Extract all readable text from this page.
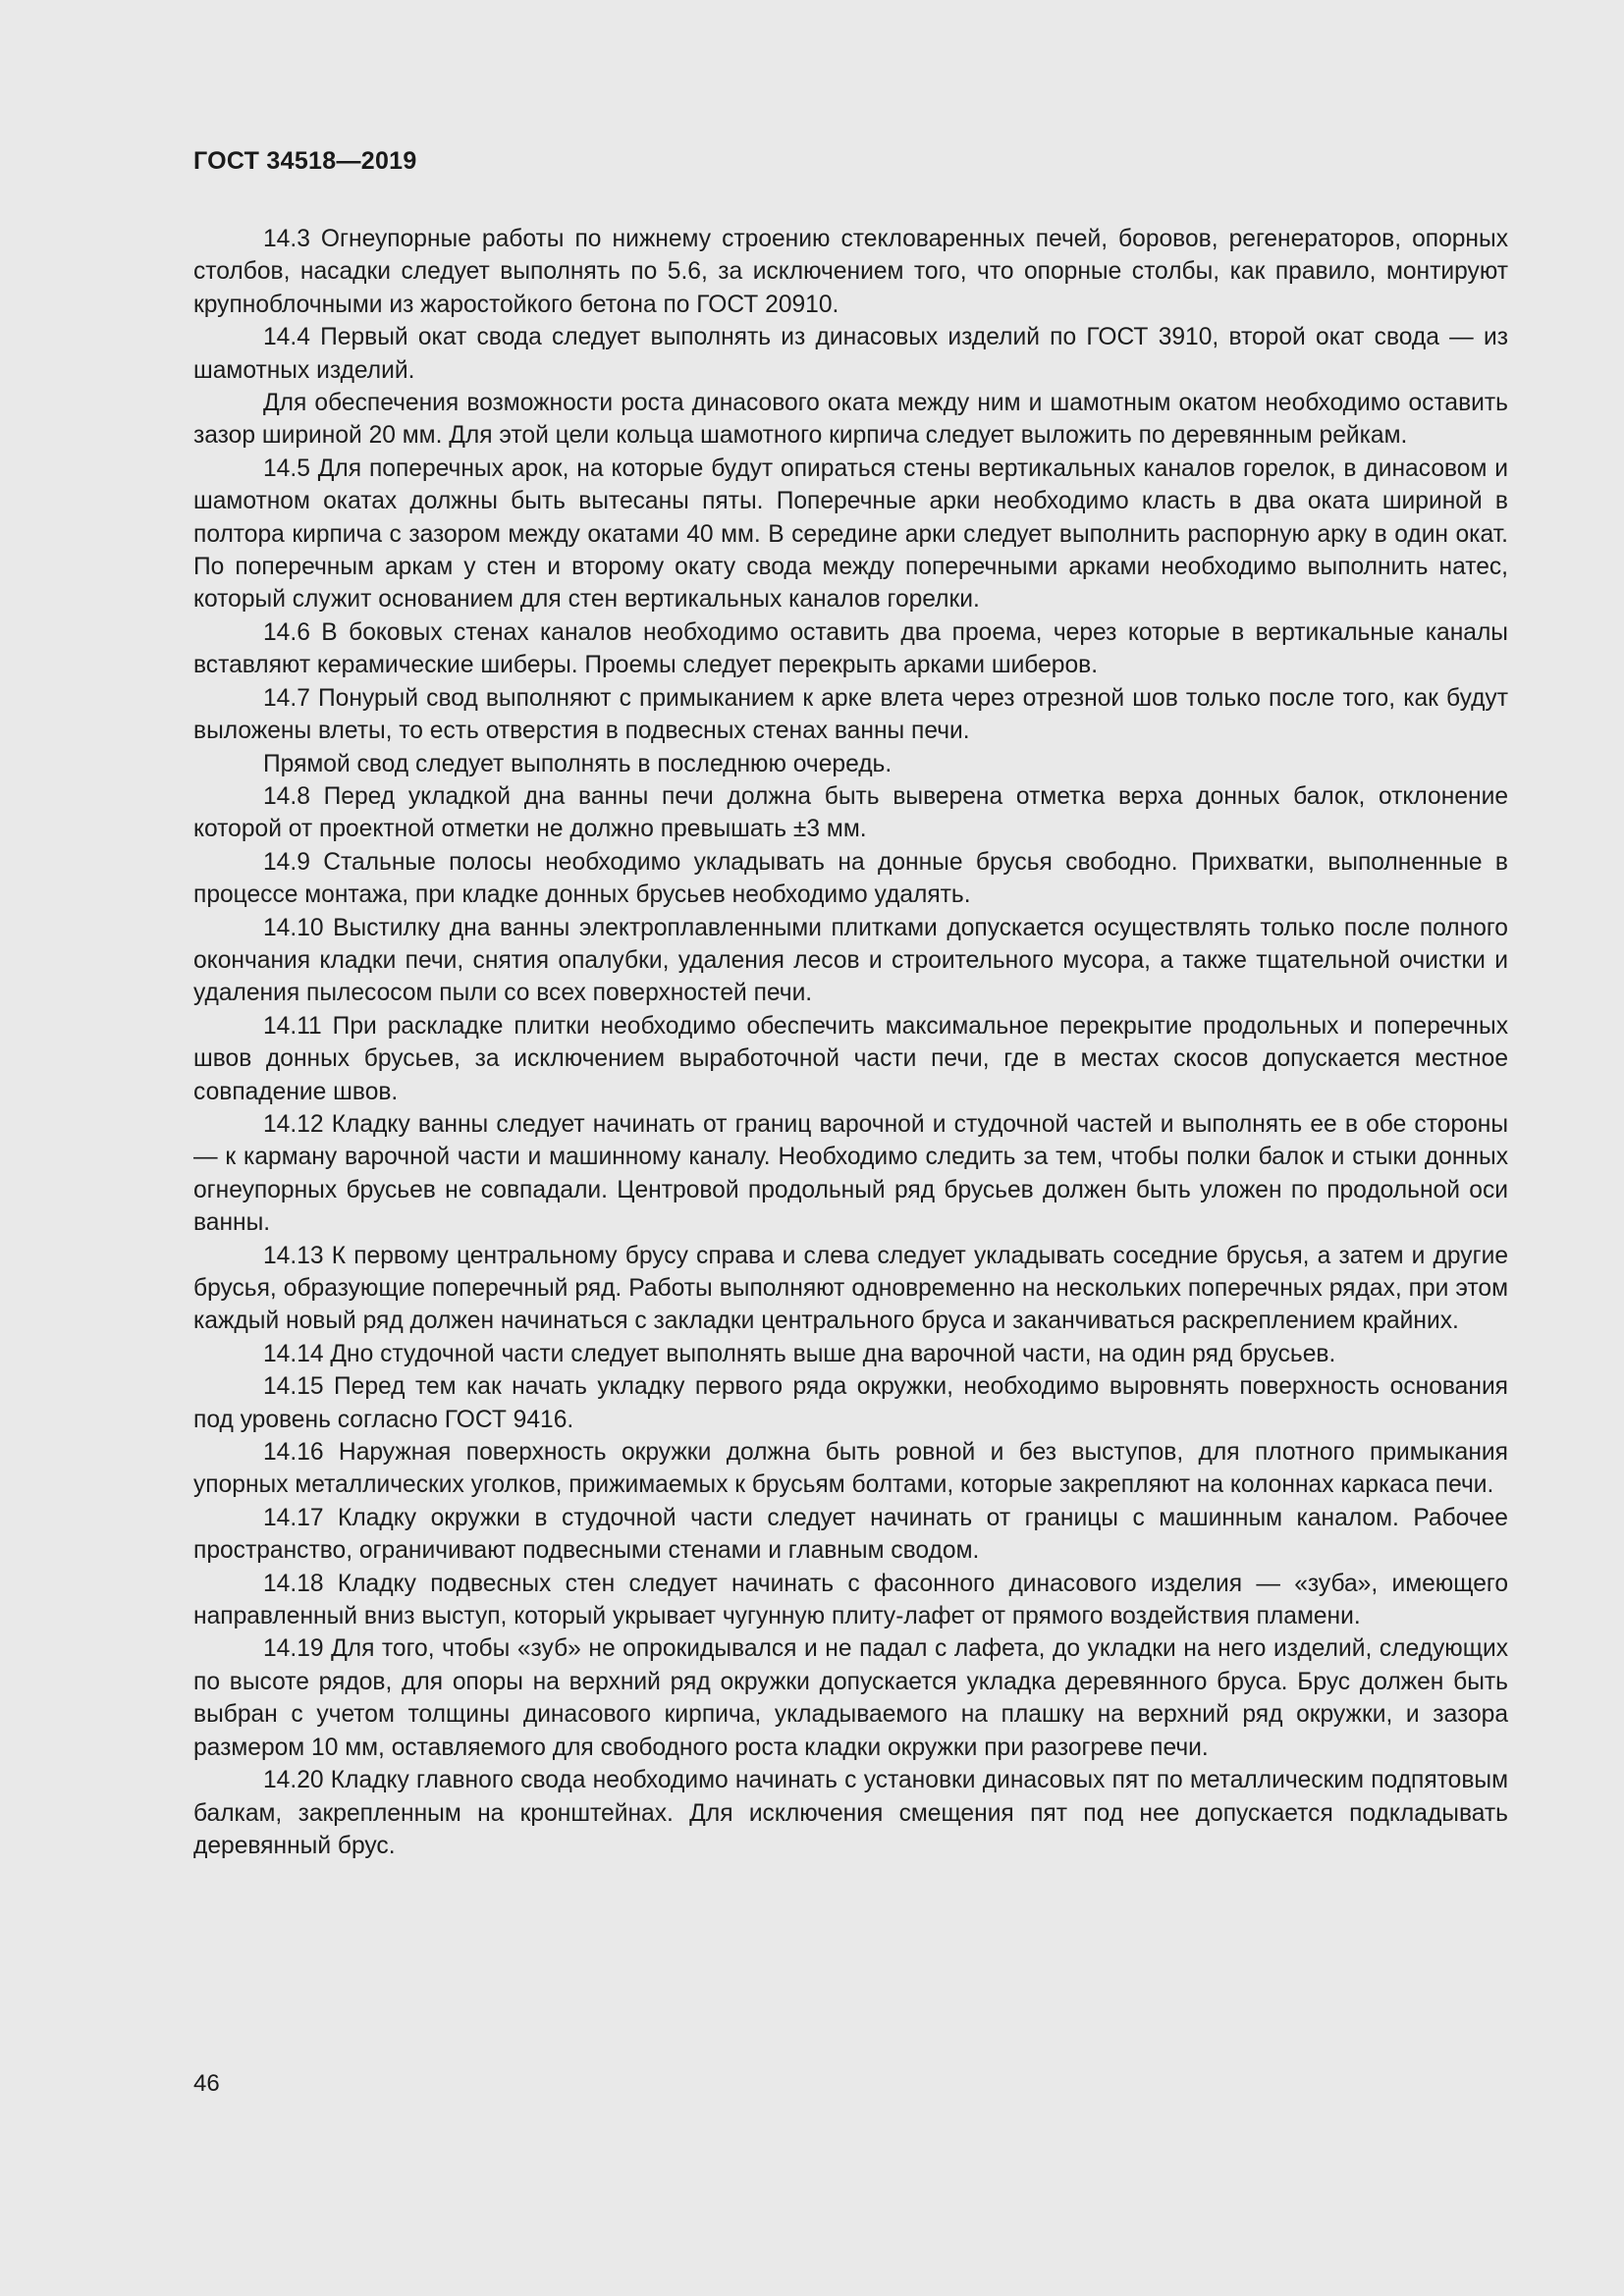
ГОСТ 34518—2019

14.3 Огнеупорные работы по нижнему строению стекловаренных печей, боровов, регенераторов, опорных столбов, насадки следует выполнять по 5.6, за исключением того, что опорные столбы, как правило, монтируют крупноблочными из жаростойкого бетона по ГОСТ 20910.

14.4 Первый окат свода следует выполнять из динасовых изделий по ГОСТ 3910, второй окат свода — из шамотных изделий.

Для обеспечения возможности роста динасового оката между ним и шамотным окатом необходимо оставить зазор шириной 20 мм. Для этой цели кольца шамотного кирпича следует выложить по деревянным рейкам.

14.5 Для поперечных арок, на которые будут опираться стены вертикальных каналов горелок, в динасовом и шамотном окатах должны быть вытесаны пяты. Поперечные арки необходимо класть в два оката шириной в полтора кирпича с зазором между окатами 40 мм. В середине арки следует выполнить распорную арку в один окат. По поперечным аркам у стен и второму окату свода между поперечными арками необходимо выполнить натес, который служит основанием для стен вертикальных каналов горелки.

14.6 В боковых стенах каналов необходимо оставить два проема, через которые в вертикальные каналы вставляют керамические шиберы. Проемы следует перекрыть арками шиберов.

14.7 Понурый свод выполняют с примыканием к арке влета через отрезной шов только после того, как будут выложены влеты, то есть отверстия в подвесных стенах ванны печи.

Прямой свод следует выполнять в последнюю очередь.

14.8 Перед укладкой дна ванны печи должна быть выверена отметка верха донных балок, отклонение которой от проектной отметки не должно превышать ±3 мм.

14.9 Стальные полосы необходимо укладывать на донные брусья свободно. Прихватки, выполненные в процессе монтажа, при кладке донных брусьев необходимо удалять.

14.10 Выстилку дна ванны электроплавленными плитками допускается осуществлять только после полного окончания кладки печи, снятия опалубки, удаления лесов и строительного мусора, а также тщательной очистки и удаления пылесосом пыли со всех поверхностей печи.

14.11 При раскладке плитки необходимо обеспечить максимальное перекрытие продольных и поперечных швов донных брусьев, за исключением выработочной части печи, где в местах скосов допускается местное совпадение швов.

14.12 Кладку ванны следует начинать от границ варочной и студочной частей и выполнять ее в обе стороны — к карману варочной части и машинному каналу. Необходимо следить за тем, чтобы полки балок и стыки донных огнеупорных брусьев не совпадали. Центровой продольный ряд брусьев должен быть уложен по продольной оси ванны.

14.13 К первому центральному брусу справа и слева следует укладывать соседние брусья, а затем и другие брусья, образующие поперечный ряд. Работы выполняют одновременно на нескольких поперечных рядах, при этом каждый новый ряд должен начинаться с закладки центрального бруса и заканчиваться раскреплением крайних.

14.14 Дно студочной части следует выполнять выше дна варочной части, на один ряд брусьев.

14.15 Перед тем как начать укладку первого ряда окружки, необходимо выровнять поверхность основания под уровень согласно ГОСТ 9416.

14.16 Наружная поверхность окружки должна быть ровной и без выступов, для плотного примыкания упорных металлических уголков, прижимаемых к брусьям болтами, которые закрепляют на колоннах каркаса печи.

14.17 Кладку окружки в студочной части следует начинать от границы с машинным каналом. Рабочее пространство, ограничивают подвесными стенами и главным сводом.

14.18 Кладку подвесных стен следует начинать с фасонного динасового изделия — «зуба», имеющего направленный вниз выступ, который укрывает чугунную плиту-лафет от прямого воздействия пламени.

14.19 Для того, чтобы «зуб» не опрокидывался и не падал с лафета, до укладки на него изделий, следующих по высоте рядов, для опоры на верхний ряд окружки допускается укладка деревянного бруса. Брус должен быть выбран с учетом толщины динасового кирпича, укладываемого на плашку на верхний ряд окружки, и зазора размером 10 мм, оставляемого для свободного роста кладки окружки при разогреве печи.

14.20 Кладку главного свода необходимо начинать с установки динасовых пят по металлическим подпятовым балкам, закрепленным на кронштейнах. Для исключения смещения пят под нее допускается подкладывать деревянный брус.

46
